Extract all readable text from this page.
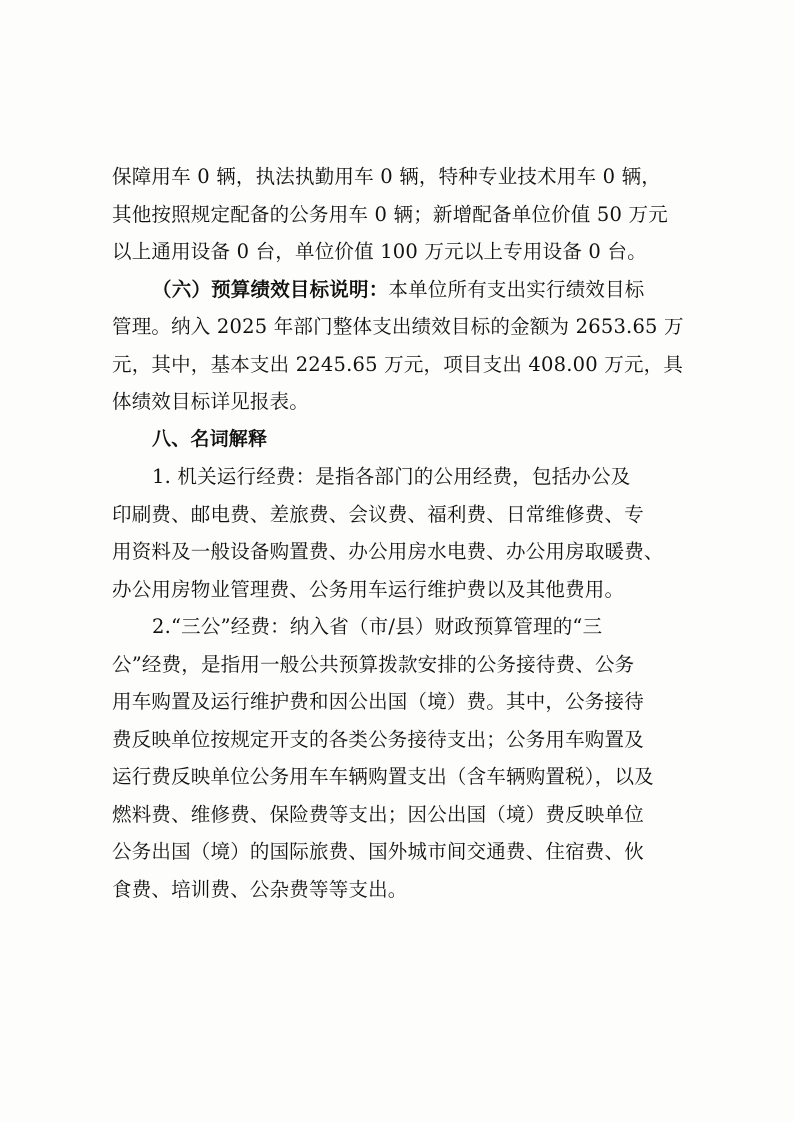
保障用车 0 辆，执法执勤用车 0 辆，特种专业技术用车 0 辆，
其他按照规定配备的公务用车 0 辆；新增配备单位价值 50 万元
以上通用设备 0 台，单位价值 100 万元以上专用设备 0 台。
（六）预算绩效目标说明：本单位所有支出实行绩效目标
管理。纳入 2025 年部门整体支出绩效目标的金额为 2653.65 万
元，其中，基本支出 2245.65 万元，项目支出 408.00 万元，具
体绩效目标详见报表。
八、名词解释
1. 机关运行经费：是指各部门的公用经费，包括办公及
印刷费、邮电费、差旅费、会议费、福利费、日常维修费、专
用资料及一般设备购置费、办公用房水电费、办公用房取暖费、
办公用房物业管理费、公务用车运行维护费以及其他费用。
2.“三公”经费：纳入省（市/县）财政预算管理的“三
公”经费，是指用一般公共预算拨款安排的公务接待费、公务
用车购置及运行维护费和因公出国（境）费。其中，公务接待
费反映单位按规定开支的各类公务接待支出；公务用车购置及
运行费反映单位公务用车车辆购置支出（含车辆购置税），以及
燃料费、维修费、保险费等支出；因公出国（境）费反映单位
公务出国（境）的国际旅费、国外城市间交通费、住宿费、伙
食费、培训费、公杂费等等支出。
